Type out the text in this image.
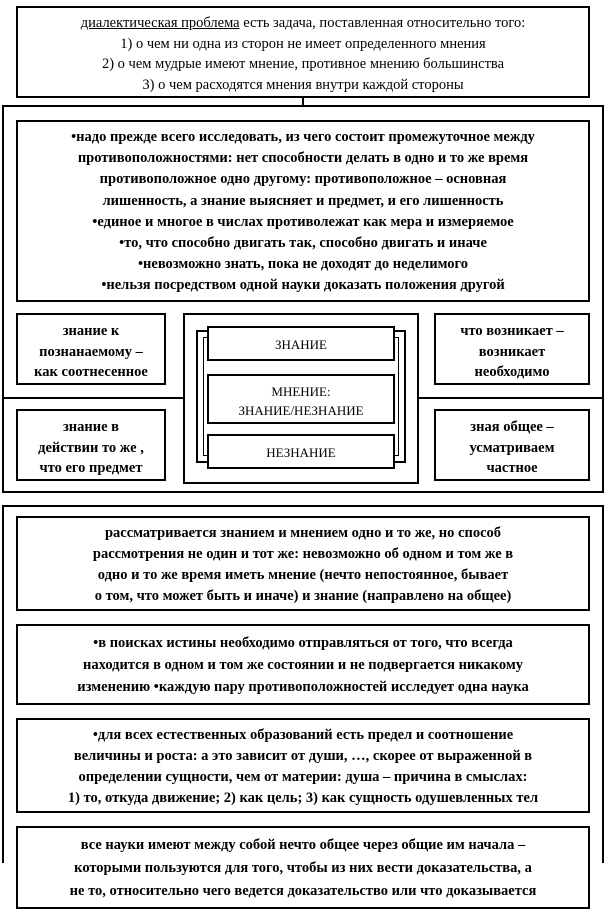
диалектическая проблема есть задача, поставленная относительно того:

1) о чем ни одна из сторон не имеет определенного мнения

2) о чем мудрые имеют мнение, противное мнению большинства

3) о чем расходятся мнения внутри каждой стороны

•надо прежде всего исследовать, из чего состоит промежуточное между

противоположностями: нет способности делать в одно и то же время

противоположное одно другому: противоположное – основная

лишенность, а знание выясняет и предмет, и его лишенность

•единое и многое в числах противолежат как мера и измеряемое

•то, что способно двигать так, способно двигать и иначе

•невозможно знать, пока не доходят до неделимого

•нельзя посредством одной науки доказать положения другой

знание к

познанаемому –

как соотнесенное

знание в

действии то же ,

что его предмет

что возникает –

возникает

необходимо

зная общее –

усматриваем

частное

ЗНАНИЕ

МНЕНИЕ:

ЗНАНИЕ/НЕЗНАНИЕ

НЕЗНАНИЕ

рассматривается знанием и мнением одно и то же, но способ

рассмотрения не один и тот же: невозможно об одном и том же в

одно и то же время иметь мнение (нечто непостоянное, бывает

о том, что может быть и иначе) и знание (направлено на общее)

•в поисках истины необходимо отправляться от того, что всегда

находится в одном и том же состоянии и не подвергается никакому

изменению •каждую пару противоположностей исследует одна наука

•для всех естественных образований есть предел и соотношение

величины и роста: а это зависит от души, …, скорее от выраженной в

определении сущности, чем от материи: душа – причина в смыслах:

1) то, откуда движение; 2) как цель; 3) как сущность одушевленных тел

все науки имеют между собой нечто общее через общие им начала –

которыми пользуются для того, чтобы из них вести доказательства, а

не то, относительно чего ведется доказательство или что доказывается
